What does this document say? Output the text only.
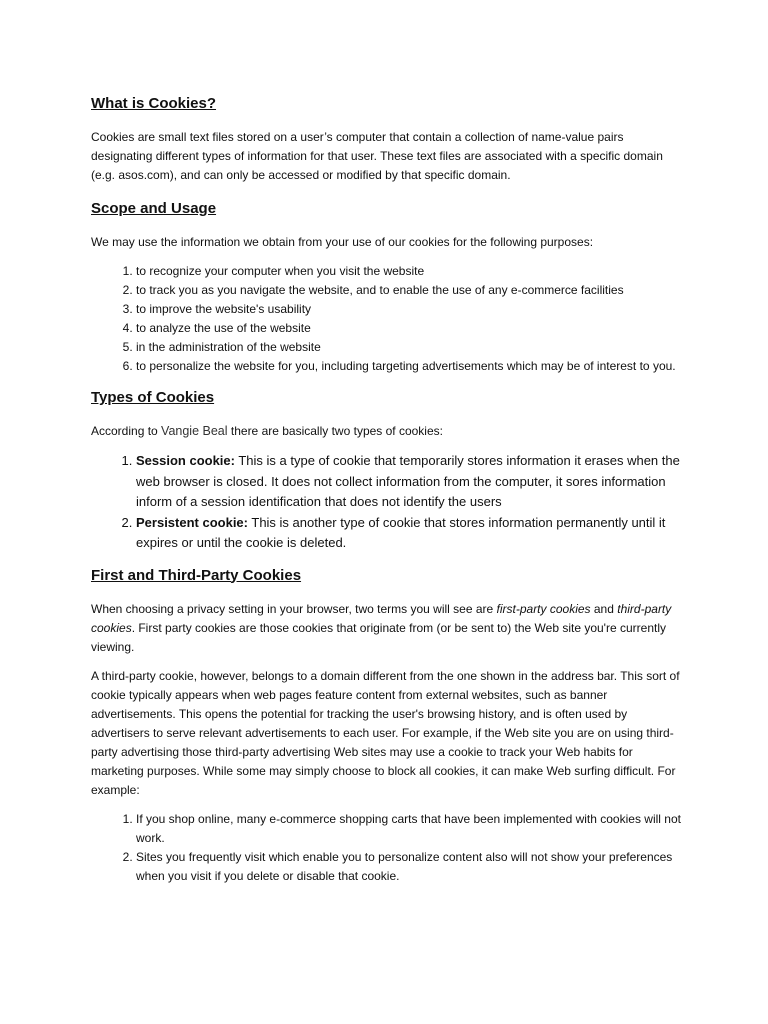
What is Cookies?

Cookies are small text files stored on a user’s computer that contain a collection of name-value pairs designating different types of information for that user. These text files are associated with a specific domain (e.g. asos.com), and can only be accessed or modified by that specific domain.

Scope and Usage

We may use the information we obtain from your use of our cookies for the following purposes:

1. to recognize your computer when you visit the website
2. to track you as you navigate the website, and to enable the use of any e-commerce facilities
3. to improve the website's usability
4. to analyze the use of the website
5. in the administration of the website
6. to personalize the website for you, including targeting advertisements which may be of interest to you.
Types of Cookies

According to Vangie Beal there are basically two types of cookies:

1. Session cookie: This is a type of cookie that temporarily stores information it erases when the web browser is closed. It does not collect information from the computer, it sores information inform of a session identification that does not identify the users
2. Persistent cookie: This is another type of cookie that stores information permanently until it expires or until the cookie is deleted.
First and Third-Party Cookies

When choosing a privacy setting in your browser, two terms you will see are first-party cookies and third-party cookies. First party cookies are those cookies that originate from (or be sent to) the Web site you're currently viewing.

A third-party cookie, however, belongs to a domain different from the one shown in the address bar. This sort of cookie typically appears when web pages feature content from external websites, such as banner advertisements. This opens the potential for tracking the user's browsing history, and is often used by advertisers to serve relevant advertisements to each user. For example, if the Web site you are on using third-party advertising those third-party advertising Web sites may use a cookie to track your Web habits for marketing purposes. While some may simply choose to block all cookies, it can make Web surfing difficult. For example:

1. If you shop online, many e-commerce shopping carts that have been implemented with cookies will not work.
2. Sites you frequently visit which enable you to personalize content also will not show your preferences when you visit if you delete or disable that cookie.
